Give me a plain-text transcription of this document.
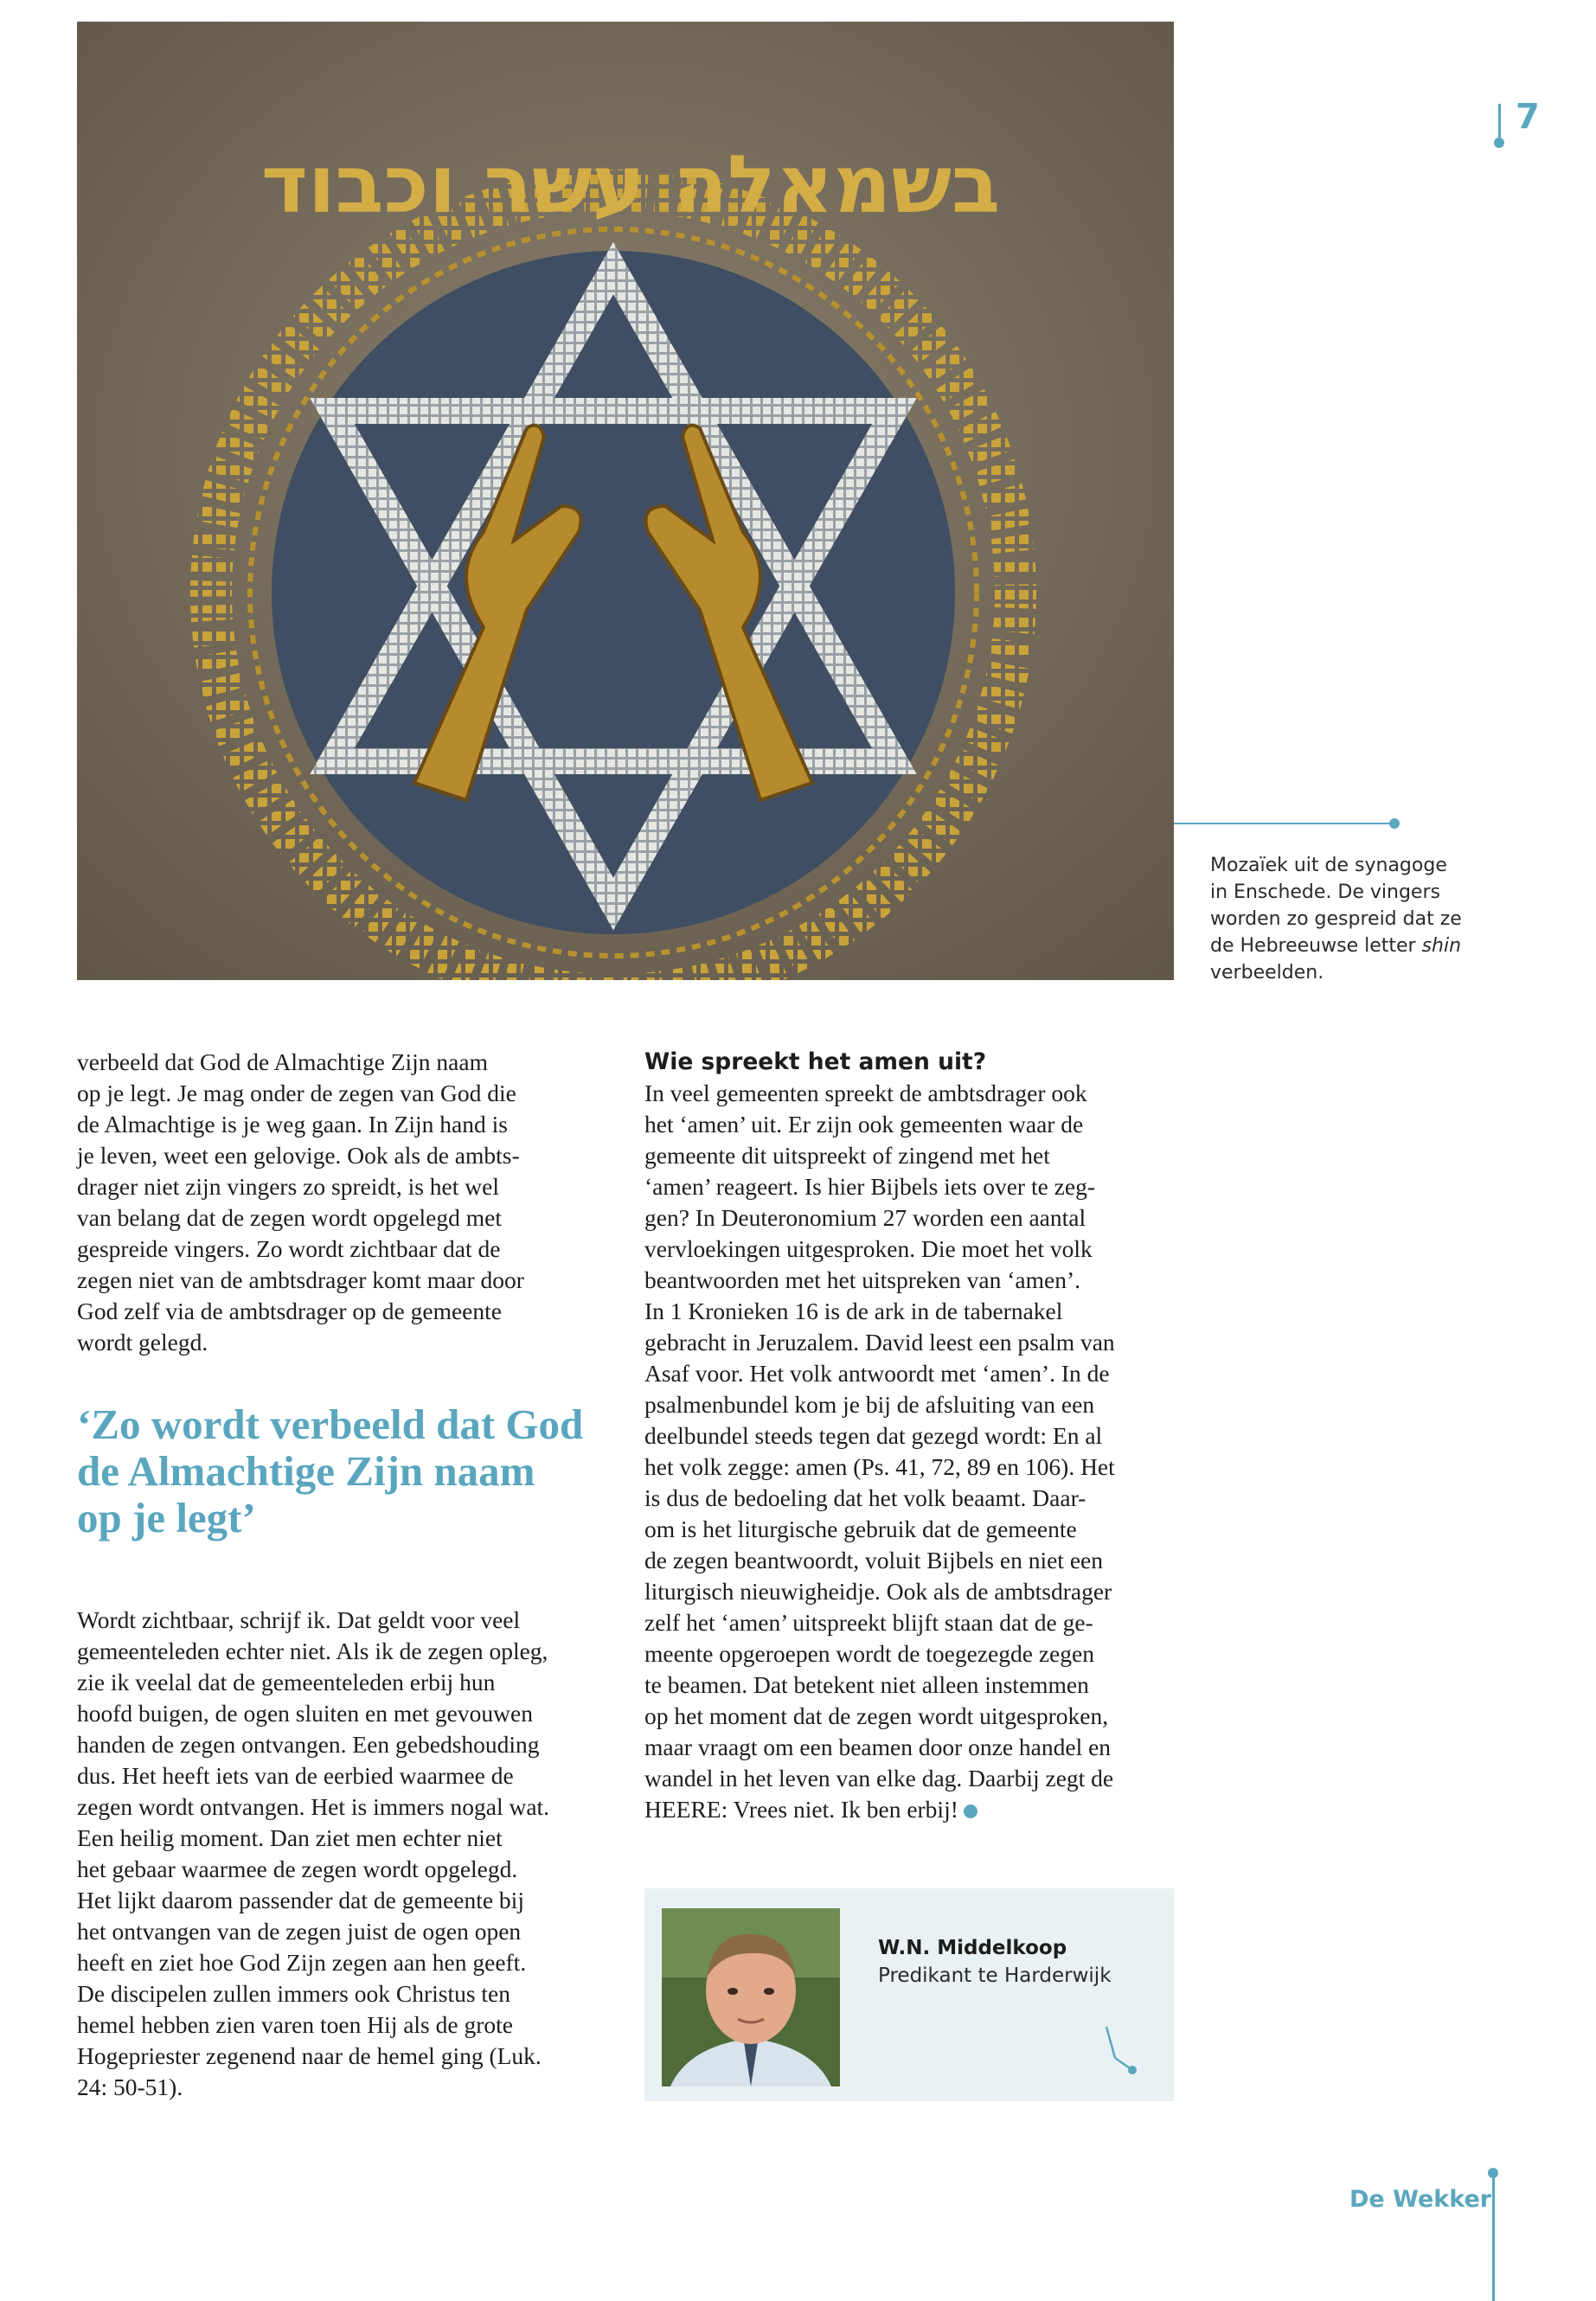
7
בשמאלה עשר וכבוד
Mozaïek uit de synagoge in Enschede. De vingers worden zo gespreid dat ze de Hebreeuwse letter shin verbeelden.

verbeeld dat God de Almachtige Zijn naam
op je legt. Je mag onder de zegen van God die
de Almachtige is je weg gaan. In Zijn hand is
je leven, weet een gelovige. Ook als de ambts-
drager niet zijn vingers zo spreidt, is het wel
van belang dat de zegen wordt opgelegd met
gespreide vingers. Zo wordt zichtbaar dat de
zegen niet van de ambtsdrager komt maar door
God zelf via de ambtsdrager op de gemeente
wordt gelegd.

‘Zo wordt verbeeld dat God
de Almachtige Zijn naam
op je legt’

Wordt zichtbaar, schrijf ik. Dat geldt voor veel
gemeenteleden echter niet. Als ik de zegen opleg,
zie ik veelal dat de gemeenteleden erbij hun
hoofd buigen, de ogen sluiten en met gevouwen
handen de zegen ontvangen. Een gebedshouding
dus. Het heeft iets van de eerbied waarmee de
zegen wordt ontvangen. Het is immers nogal wat.
Een heilig moment. Dan ziet men echter niet
het gebaar waarmee de zegen wordt opgelegd.
Het lijkt daarom passender dat de gemeente bij
het ontvangen van de zegen juist de ogen open
heeft en ziet hoe God Zijn zegen aan hen geeft.
De discipelen zullen immers ook Christus ten
hemel hebben zien varen toen Hij als de grote
Hogepriester zegenend naar de hemel ging (Luk.
24: 50-51).

Wie spreekt het amen uit?

In veel gemeenten spreekt de ambtsdrager ook
het ‘amen’ uit. Er zijn ook gemeenten waar de
gemeente dit uitspreekt of zingend met het
‘amen’ reageert. Is hier Bijbels iets over te zeg-
gen? In Deuteronomium 27 worden een aantal
vervloekingen uitgesproken. Die moet het volk
beantwoorden met het uitspreken van ‘amen’.
In 1 Kronieken 16 is de ark in de tabernakel
gebracht in Jeruzalem. David leest een psalm van
Asaf voor. Het volk antwoordt met ‘amen’. In de
psalmenbundel kom je bij de afsluiting van een
deelbundel steeds tegen dat gezegd wordt: En al
het volk zegge: amen (Ps. 41, 72, 89 en 106). Het
is dus de bedoeling dat het volk beaamt. Daar-
om is het liturgische gebruik dat de gemeente
de zegen beantwoordt, voluit Bijbels en niet een
liturgisch nieuwigheidje. Ook als de ambtsdrager
zelf het ‘amen’ uitspreekt blijft staan dat de ge-
meente opgeroepen wordt de toegezegde zegen
te beamen. Dat betekent niet alleen instemmen
op het moment dat de zegen wordt uitgesproken,
maar vraagt om een beamen door onze handel en
wandel in het leven van elke dag. Daarbij zegt de
HEERE: Vrees niet. Ik ben erbij!

W.N. Middelkoop
Predikant te Harderwijk
De Wekker
